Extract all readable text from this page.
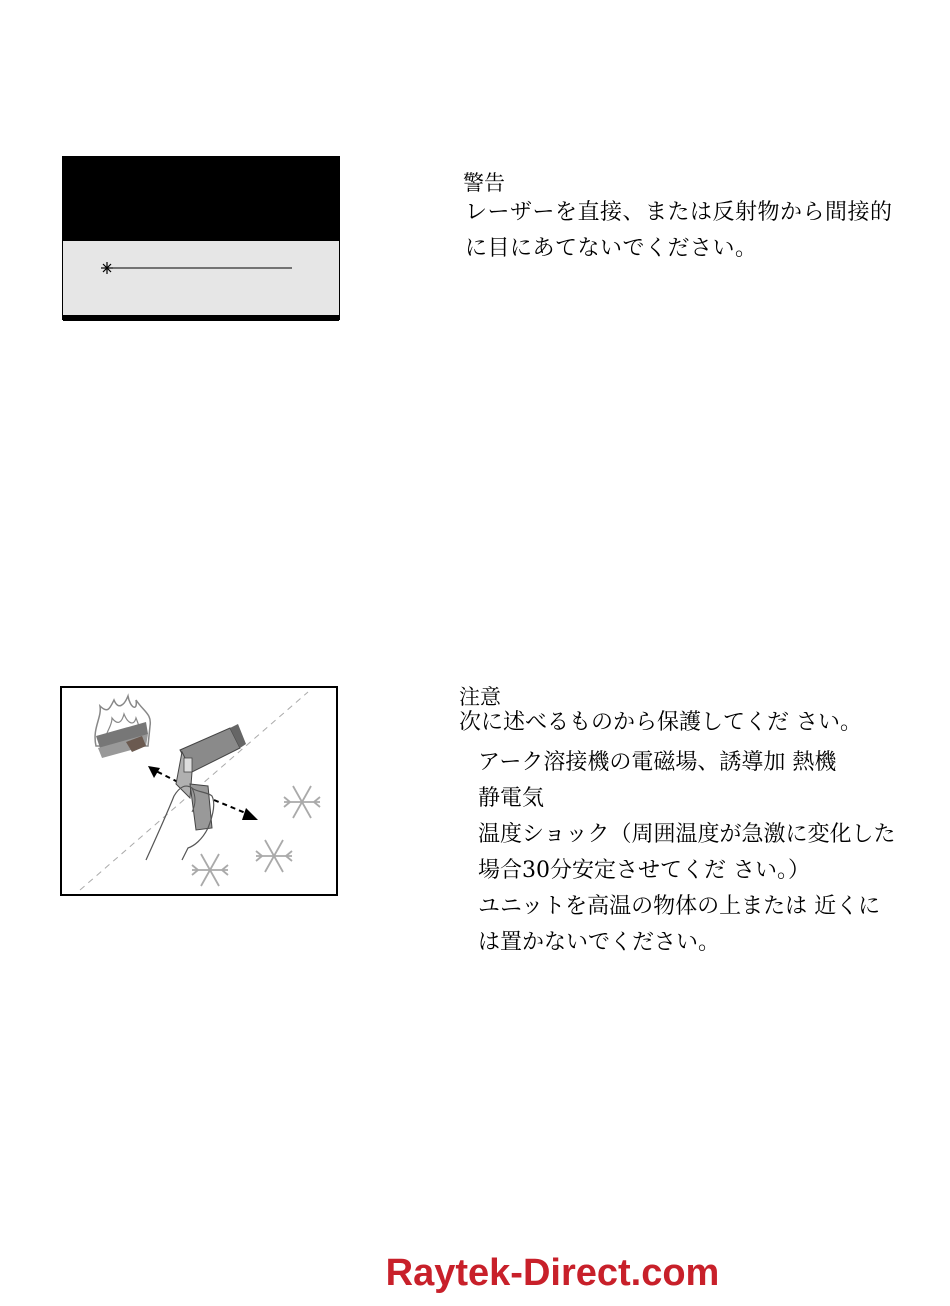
警告
レーザーを直接、または反射物から間接的に目にあてないでください。
注意
次に述べるものから保護してくだ さい。

アーク溶接機の電磁場、誘導加 熱機

静電気

温度ショック（周囲温度が急激に変化した場合30分安定させてくだ さい。）

ユニットを高温の物体の上または 近くには置かないでください。

Raytek-Direct.com
